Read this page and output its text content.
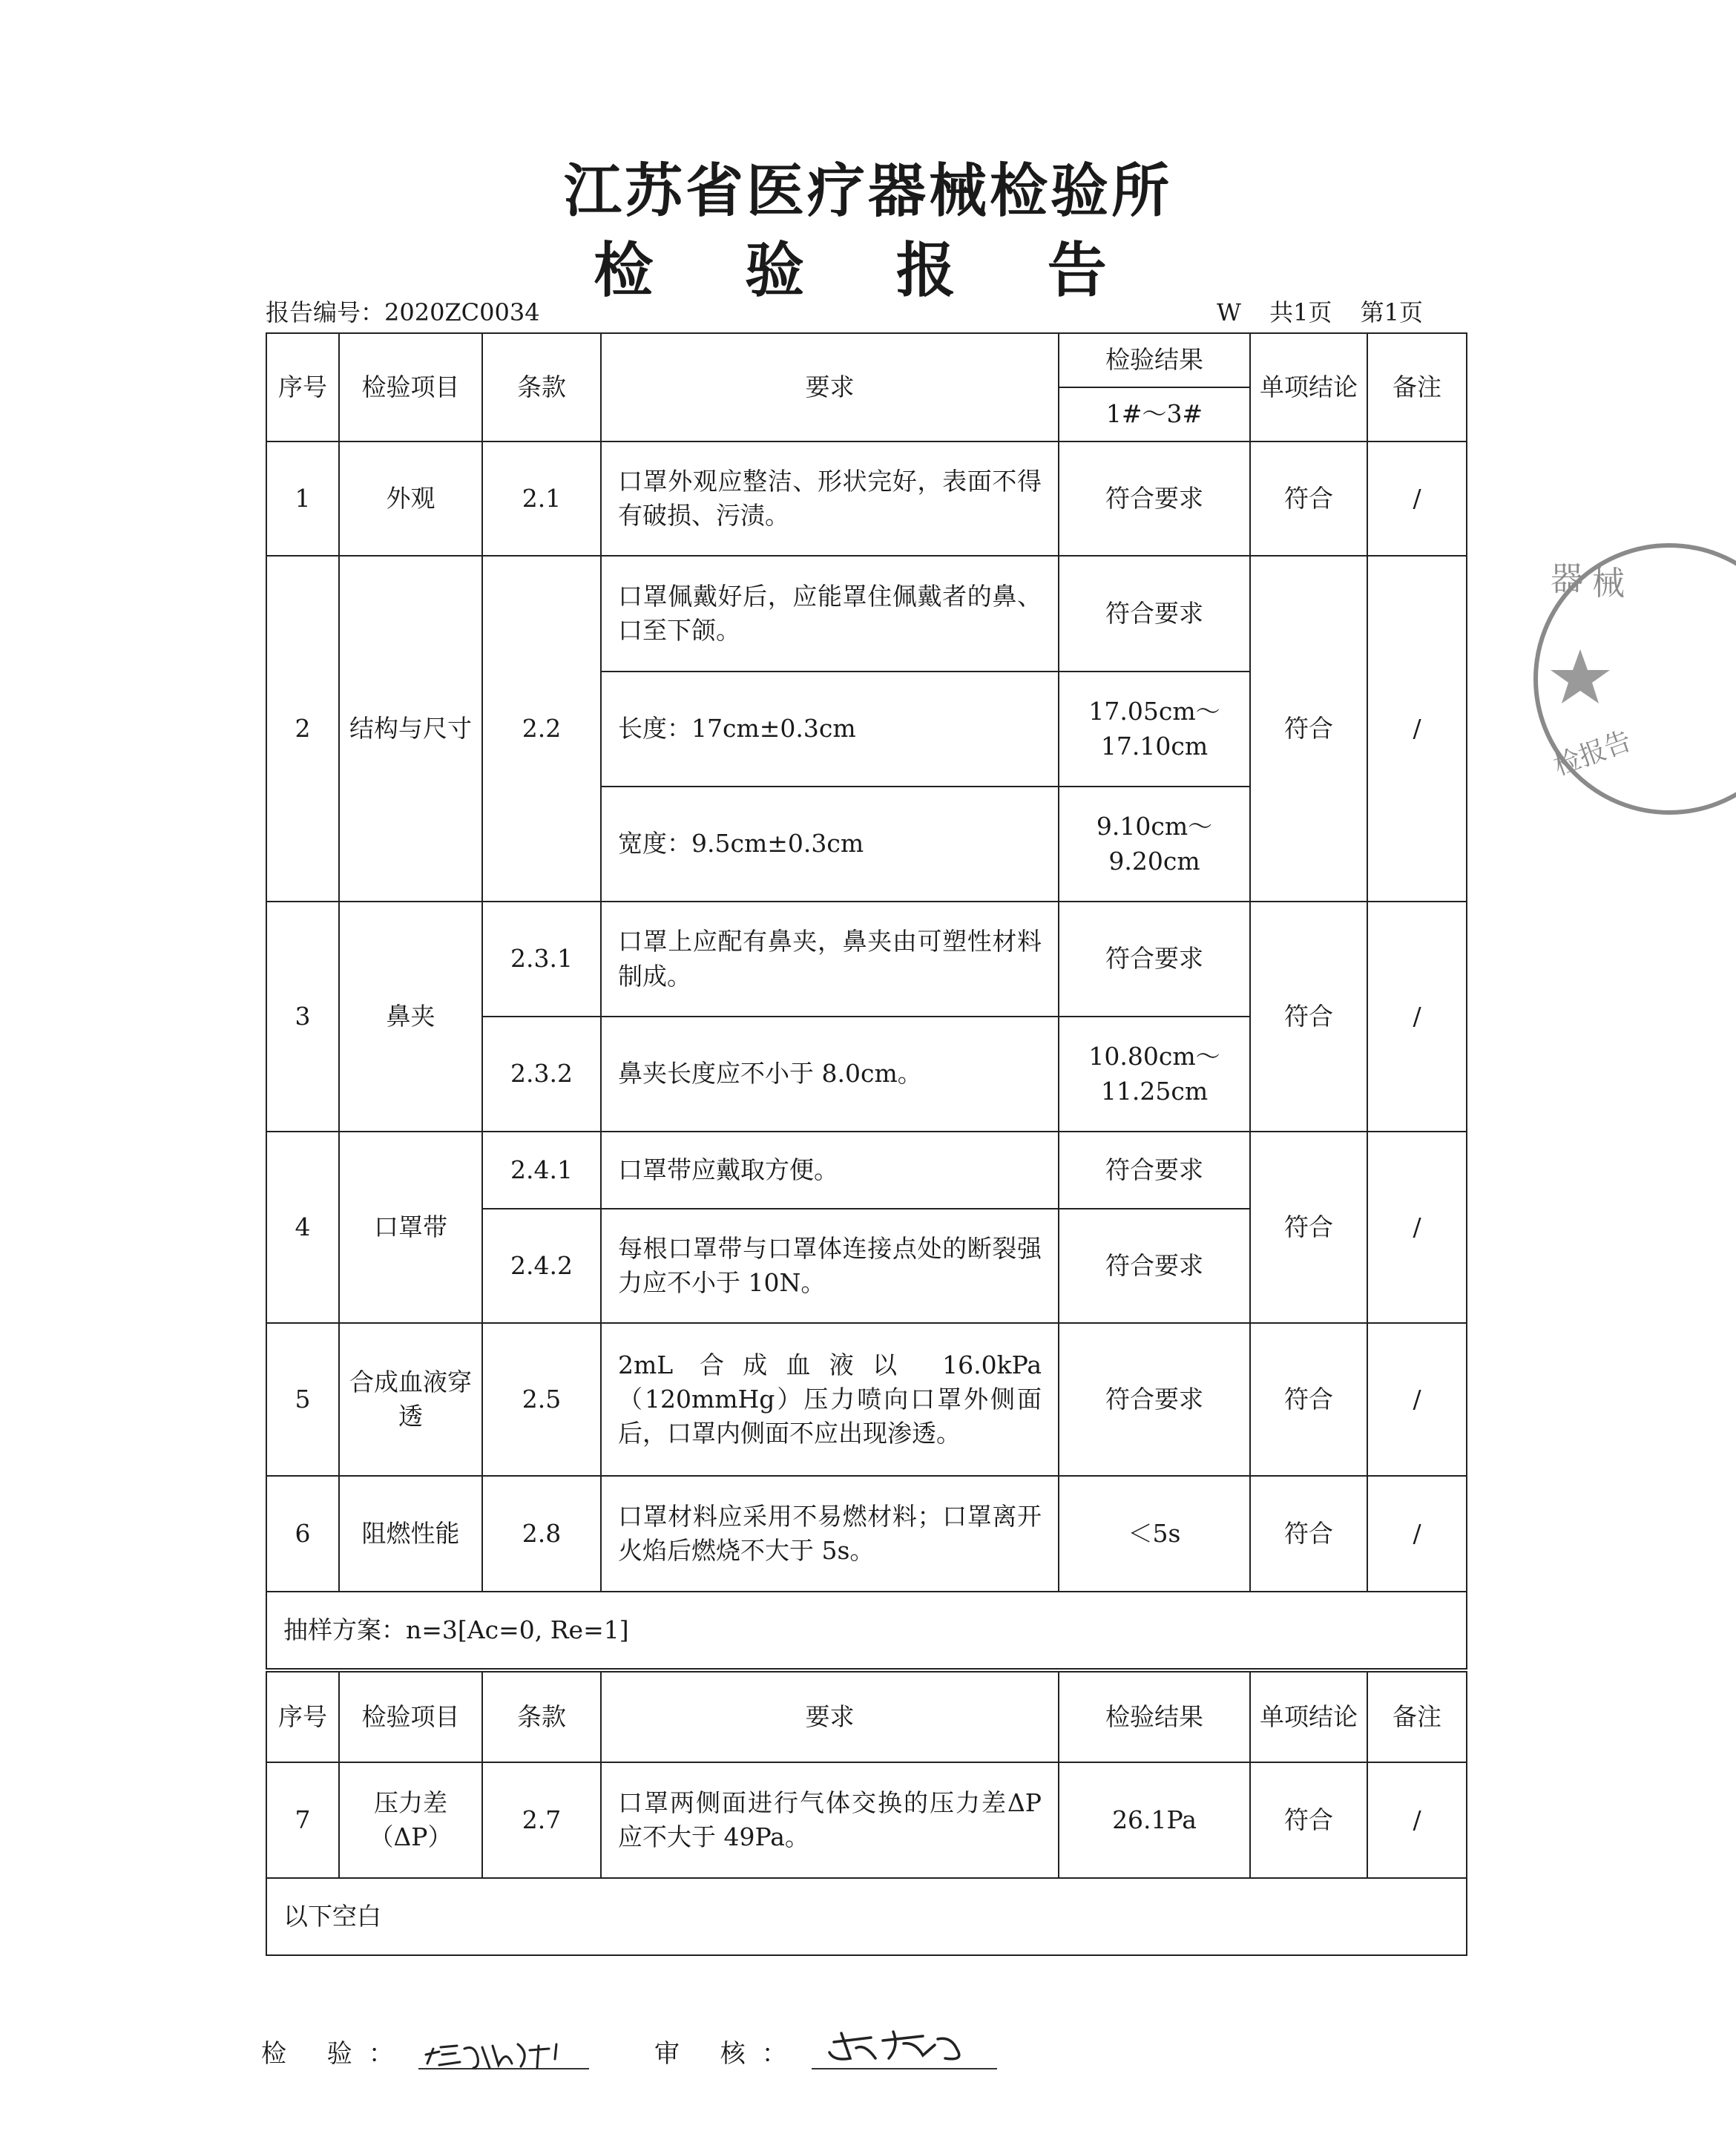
江苏省医疗器械检验所
检 验 报 告
报告编号：2020ZC0034	W 共1页 第1页
序号	检验项目	条款	要求	检验结果	单项结论	备注
				1#～3#		
1	外观	2.1	口罩外观应整洁、形状完好，表面不得有破损、污渍。	符合要求	符合	/
2	结构与尺寸	2.2	口罩佩戴好后，应能罩住佩戴者的鼻、口至下颌。	符合要求	符合	/
			长度：17cm±0.3cm	17.05cm～17.10cm		
			宽度：9.5cm±0.3cm	9.10cm～9.20cm		
3	鼻夹	2.3.1	口罩上应配有鼻夹，鼻夹由可塑性材料制成。	符合要求	符合	/
		2.3.2	鼻夹长度应不小于 8.0cm。	10.80cm～11.25cm		
4	口罩带	2.4.1	口罩带应戴取方便。	符合要求	符合	/
		2.4.2	每根口罩带与口罩体连接点处的断裂强力应不小于 10N。	符合要求		
5	合成血液穿透	2.5	2mL 合成血液以 16.0kPa（120mmHg）压力喷向口罩外侧面后，口罩内侧面不应出现渗透。	符合要求	符合	/
6	阻燃性能	2.8	口罩材料应采用不易燃材料；口罩离开火焰后燃烧不大于 5s。	＜5s	符合	/
抽样方案：n=3[Ac=0, Re=1]						
序号	检验项目	条款	要求	检验结果	单项结论	备注
7	压力差（ΔP）	2.7	口罩两侧面进行气体交换的压力差ΔP 应不大于 49Pa。	26.1Pa	符合	/
以下空白						
检 验：	审 核：
器 械
检报告
